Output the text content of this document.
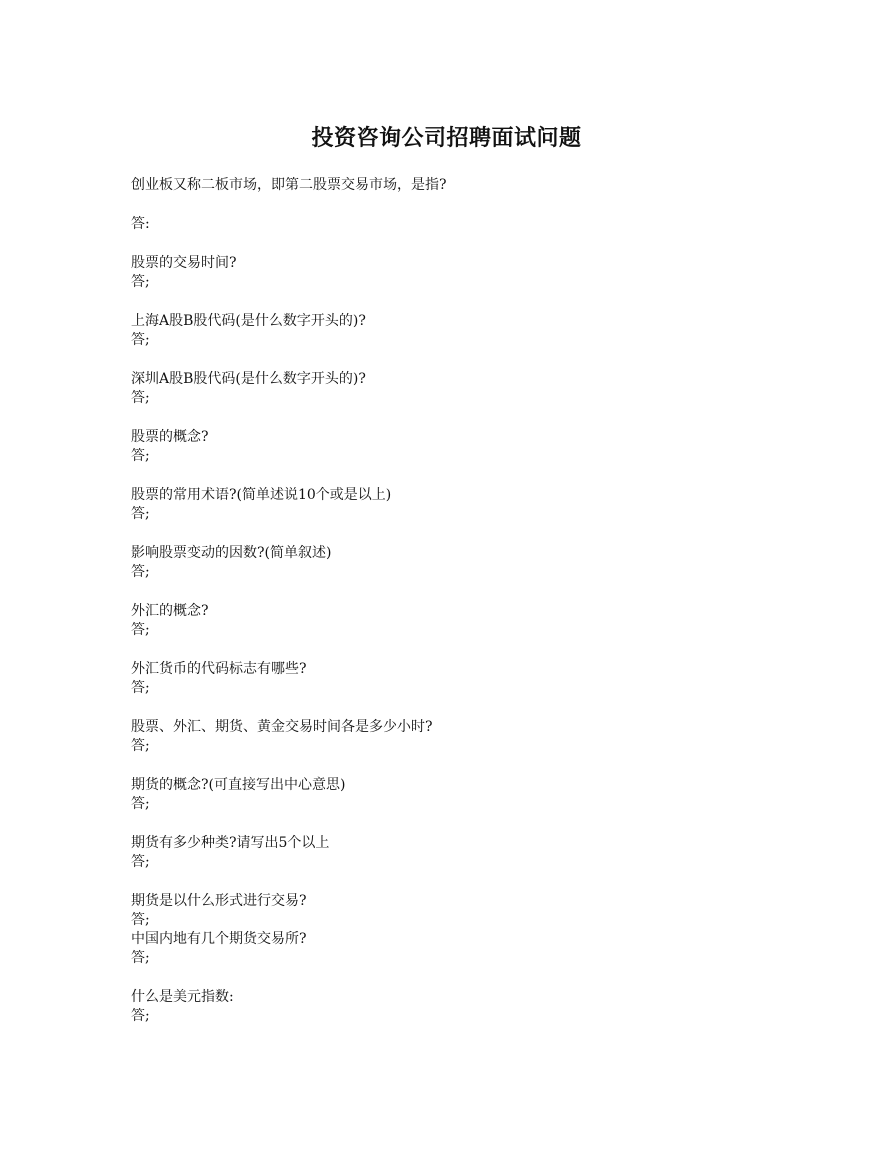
投资咨询公司招聘面试问题
创业板又称二板市场，即第二股票交易市场，是指?
答:
股票的交易时间?
答;
上海A股B股代码(是什么数字开头的)?
答;
深圳A股B股代码(是什么数字开头的)?
答;
股票的概念?
答;
股票的常用术语?(简单述说10个或是以上)
答;
影响股票变动的因数?(简单叙述)
答;
外汇的概念?
答;
外汇货币的代码标志有哪些?
答;
股票、外汇、期货、黄金交易时间各是多少小时?
答;
期货的概念?(可直接写出中心意思)
答;
期货有多少种类?请写出5个以上
答;
期货是以什么形式进行交易?
答;
中国内地有几个期货交易所?
答;
什么是美元指数:
答;
